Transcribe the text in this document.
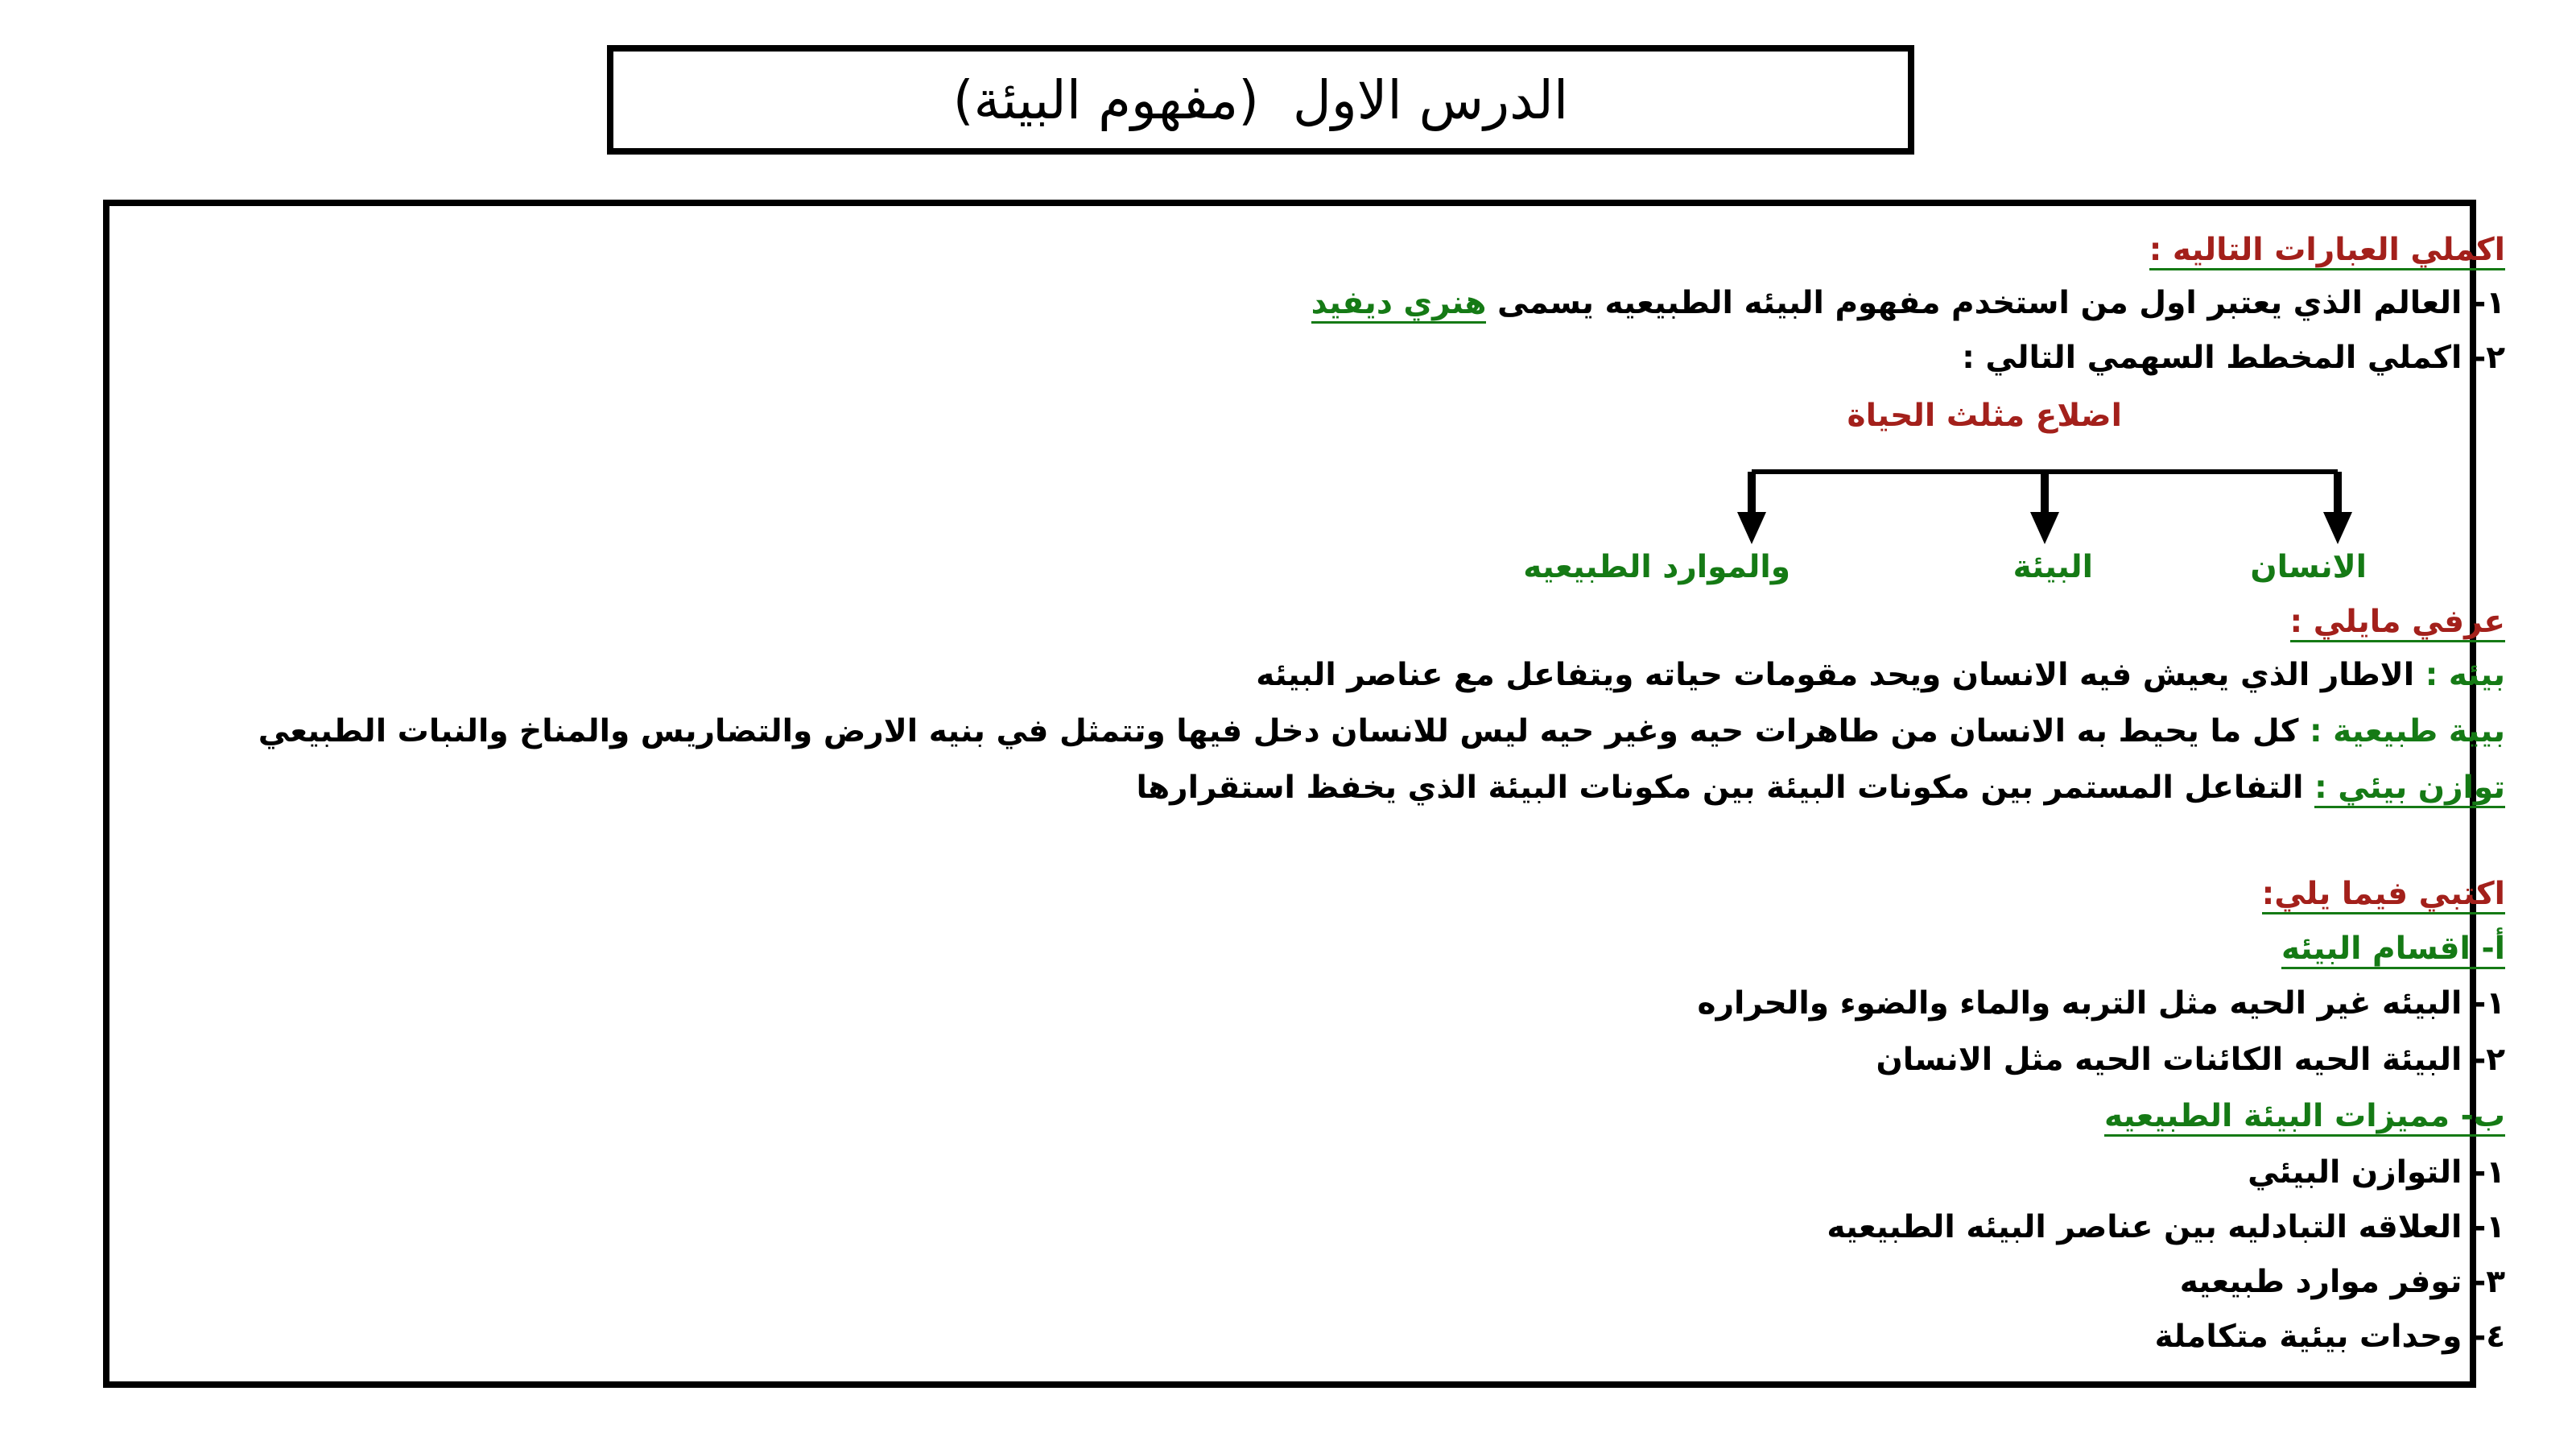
الدرس الاول  (مفهوم البيئة)
اكملي العبارات التاليه :
١- العالم الذي يعتبر اول من استخدم مفهوم البيئه الطبيعيه يسمى هنري ديفيد
٢- اكملي المخطط السهمي التالي :
اضلاع مثلث الحياة
الانسان
البيئة
والموارد الطبيعيه
عرفي مايلي :
بيئه : الاطار الذي يعيش فيه الانسان ويحد مقومات حياته ويتفاعل مع عناصر البيئه
بيية طبيعية : كل ما يحيط به الانسان من طاهرات حيه وغير حيه ليس للانسان دخل فيها وتتمثل في بنيه الارض والتضاريس والمناخ والنبات الطبيعي
توازن بيئي : التفاعل المستمر بين مكونات البيئة بين مكونات البيئة الذي يخفظ استقرارها
اكتبي فيما يلي:
أ- اقسام البيئه
١- البيئه غير الحيه مثل التربه والماء والضوء والحراره
٢- البيئة الحيه الكائنات الحيه مثل الانسان
ب- مميزات البيئة الطبيعيه
١- التوازن البيئي
١- العلاقه التبادليه بين عناصر البيئه الطبيعيه
٣- توفر موارد طبيعيه
٤- وحدات بيئية متكاملة
